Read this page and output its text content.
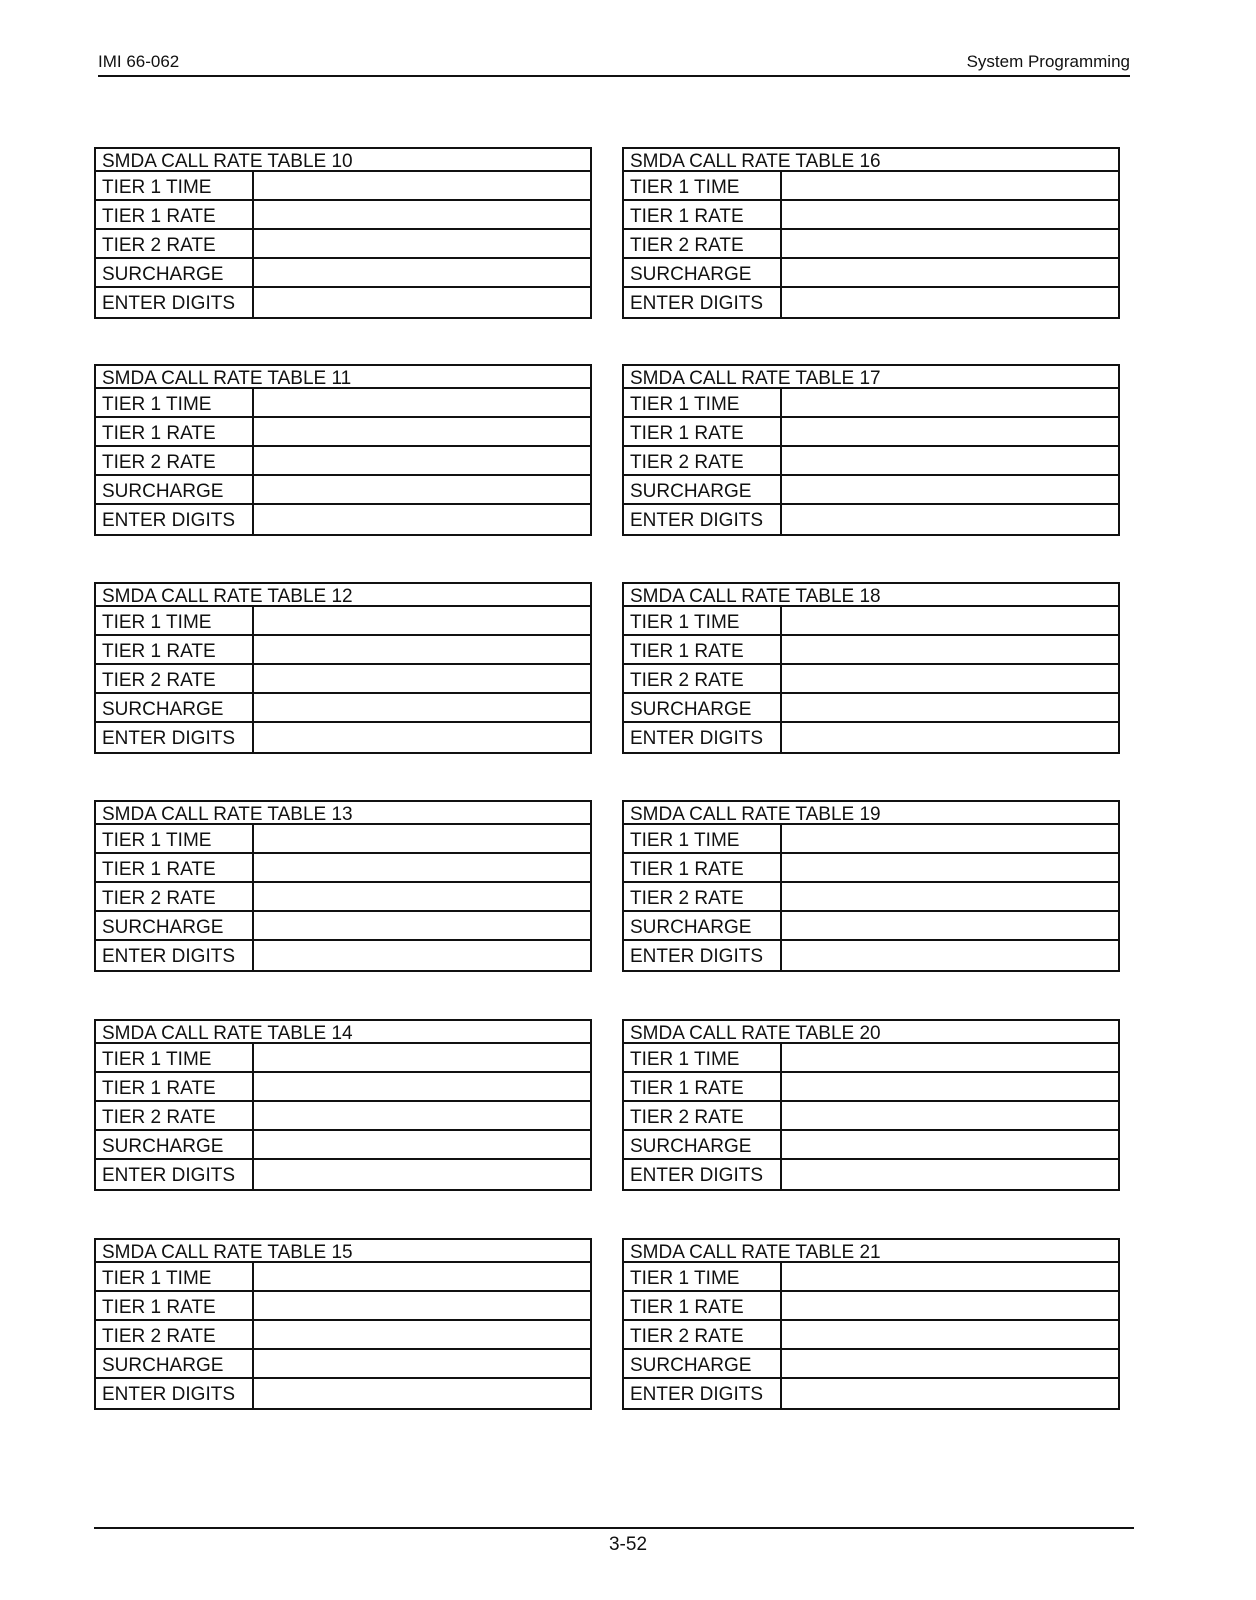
IMI 66-062	System Programming
SMDA CALL RATE TABLE 10
TIER 1 TIME
TIER 1 RATE
TIER 2 RATE
SURCHARGE
ENTER DIGITS
SMDA CALL RATE TABLE 16
TIER 1 TIME
TIER 1 RATE
TIER 2 RATE
SURCHARGE
ENTER DIGITS
SMDA CALL RATE TABLE 11
TIER 1 TIME
TIER 1 RATE
TIER 2 RATE
SURCHARGE
ENTER DIGITS
SMDA CALL RATE TABLE 17
TIER 1 TIME
TIER 1 RATE
TIER 2 RATE
SURCHARGE
ENTER DIGITS
SMDA CALL RATE TABLE 12
TIER 1 TIME
TIER 1 RATE
TIER 2 RATE
SURCHARGE
ENTER DIGITS
SMDA CALL RATE TABLE 18
TIER 1 TIME
TIER 1 RATE
TIER 2 RATE
SURCHARGE
ENTER DIGITS
SMDA CALL RATE TABLE 13
TIER 1 TIME
TIER 1 RATE
TIER 2 RATE
SURCHARGE
ENTER DIGITS
SMDA CALL RATE TABLE 19
TIER 1 TIME
TIER 1 RATE
TIER 2 RATE
SURCHARGE
ENTER DIGITS
SMDA CALL RATE TABLE 14
TIER 1 TIME
TIER 1 RATE
TIER 2 RATE
SURCHARGE
ENTER DIGITS
SMDA CALL RATE TABLE 20
TIER 1 TIME
TIER 1 RATE
TIER 2 RATE
SURCHARGE
ENTER DIGITS
SMDA CALL RATE TABLE 15
TIER 1 TIME
TIER 1 RATE
TIER 2 RATE
SURCHARGE
ENTER DIGITS
SMDA CALL RATE TABLE 21
TIER 1 TIME
TIER 1 RATE
TIER 2 RATE
SURCHARGE
ENTER DIGITS
3-52
